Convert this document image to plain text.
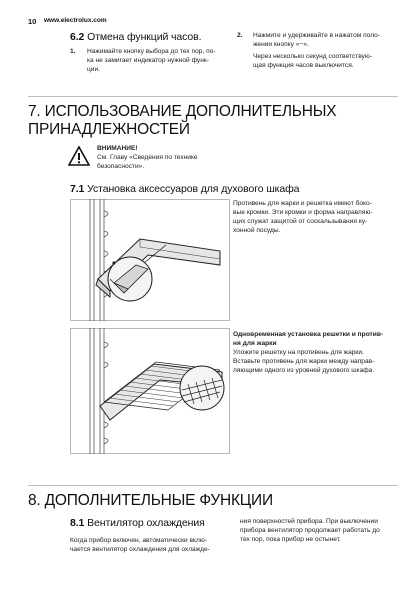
10 www.electrolux.com
6.2 Отмена функций часов.
1. Нажимайте кнопку выбора до тех пор, по-
ка не замигает индикатор нужной функ-
ции.
2. Нажмите и удерживайте в нажатом поло-
жении кнопку «−».
Через несколько секунд соответствую-
щая функция часов выключится.
7. ИСПОЛЬЗОВАНИЕ ДОПОЛНИТЕЛЬНЫХ
ПРИНАДЛЕЖНОСТЕЙ
ВНИМАНИЕ!
См. Главу «Сведения по технике
безопасности».
7.1 Установка аксессуаров для духового шкафа
Противень для жарки и решетка имеют боко-
вые кромки. Эти кромки и форма направляю-
щих служат защитой от соскальзывания ку-
хонной посуды.
Одновременная установка решетки и против-
ня для жарки
Уложите решетку на противень для жарки.
Вставьте противень для жарки между направ-
ляющими одного из уровней духового шкафа.
8. ДОПОЛНИТЕЛЬНЫЕ ФУНКЦИИ
8.1 Вентилятор охлаждения
Когда прибор включен, автоматически вклю-
чается вентилятор охлаждения для охлажде-
ния поверхностей прибора. При выключении
прибора вентилятор продолжает работать до
тех пор, пока прибор не остынет.
